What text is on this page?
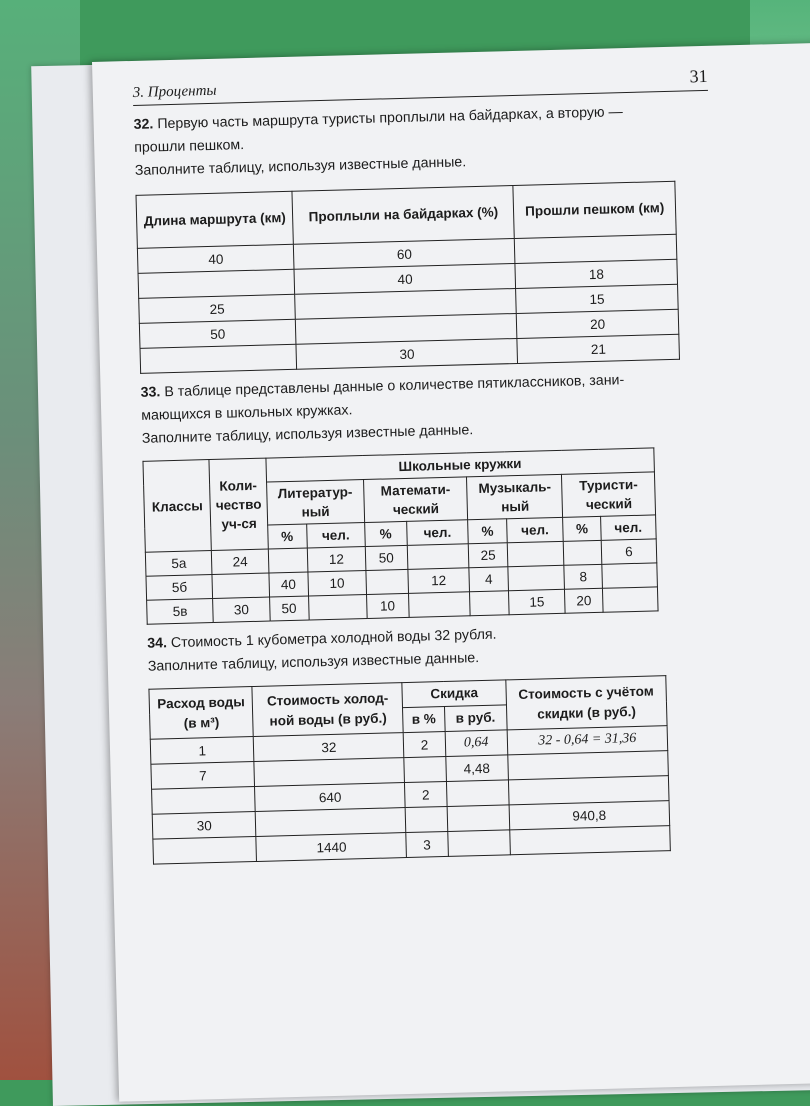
3. Проценты
31

32. Первую часть маршрута туристы проплыли на байдарках, а вторую —

прошли пешком.

Заполните таблицу, используя известные данные.

Длина маршрута (км)	Проплыли на байдарках (%)	Прошли пешком (км)
40	60	
	40	18
25		15
50		20
	30	21

33. В таблице представлены данные о количестве пятиклассников, зани-

мающихся в школьных кружках.

Заполните таблицу, используя известные данные.

Классы	Коли-чество уч-ся	Школьные кружки							
		Литератур-ный		Математи-ческий		Музыкаль-ный		Туристи-ческий	
		%	чел.	%	чел.	%	чел.	%	чел.
5а	24		12	50		25			6
5б		40	10		12	4		8	
5в	30	50		10			15	20	

34. Стоимость 1 кубометра холодной воды 32 рубля.

Заполните таблицу, используя известные данные.

Расход воды (в м³)	Стоимость холод-ной воды (в руб.)	Скидка		Стоимость с учётом скидки (в руб.)
		в %	в руб.	
1	32	2	0,64	32 - 0,64 = 31,36
7			4,48	
	640	2		
30				940,8
	1440	3		
